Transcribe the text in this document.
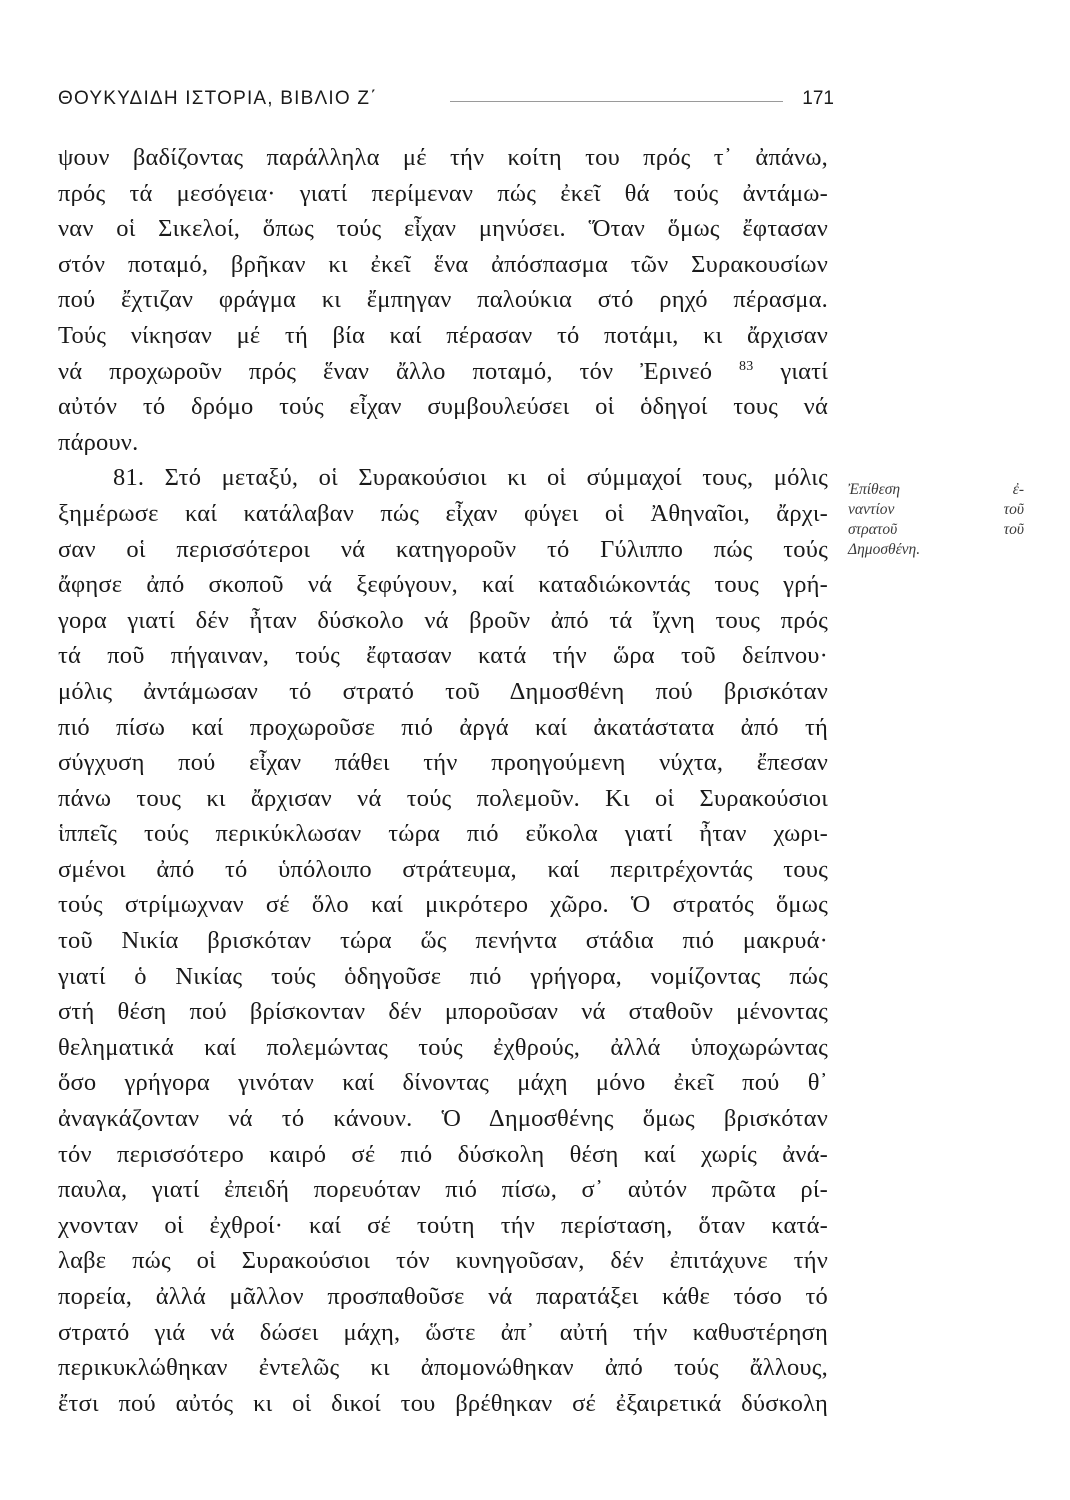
ΘΟΥΚΥΔΙΔΗ ΙΣΤΟΡΙΑ, ΒΙΒΛΙΟ Ζ΄	171
ψουν βαδίζοντας παράλληλα μέ τήν κοίτη του πρός τ᾽ ἀπάνω,
πρός τά μεσόγεια· γιατί περίμεναν πώς ἐκεῖ θά τούς ἀντάμω-
ναν οἱ Σικελοί, ὅπως τούς εἶχαν μηνύσει. Ὅταν ὅμως ἔφτασαν
στόν ποταμό, βρῆκαν κι ἐκεῖ ἕνα ἀπόσπασμα τῶν Συρακουσίων
πού ἔχτιζαν φράγμα κι ἔμπηγαν παλούκια στό ρηχό πέρασμα.
Τούς νίκησαν μέ τή βία καί πέρασαν τό ποτάμι, κι ἄρχισαν
νά προχωροῦν πρός ἕναν ἄλλο ποταμό, τόν Ἐρινεό $^{83}$ γιατί
αὐτόν τό δρόμο τούς εἶχαν συμβουλεύσει οἱ ὁδηγοί τους νά
πάρουν.
81. Στό μεταξύ, οἱ Συρακούσιοι κι οἱ σύμμαχοί τους, μόλις
ξημέρωσε καί κατάλαβαν πώς εἶχαν φύγει οἱ Ἀθηναῖοι, ἄρχι-
σαν οἱ περισσότεροι νά κατηγοροῦν τό Γύλιππο πώς τούς
ἄφησε ἀπό σκοποῦ νά ξεφύγουν, καί καταδιώκοντάς τους γρή-
γορα γιατί δέν ἦταν δύσκολο νά βροῦν ἀπό τά ἴχνη τους πρός
τά ποῦ πήγαιναν, τούς ἔφτασαν κατά τήν ὥρα τοῦ δείπνου·
μόλις ἀντάμωσαν τό στρατό τοῦ Δημοσθένη πού βρισκόταν
πιό πίσω καί προχωροῦσε πιό ἀργά καί ἀκατάστατα ἀπό τή
σύγχυση πού εἶχαν πάθει τήν προηγούμενη νύχτα, ἔπεσαν
πάνω τους κι ἄρχισαν νά τούς πολεμοῦν. Κι οἱ Συρακούσιοι
ἱππεῖς τούς περικύκλωσαν τώρα πιό εὔκολα γιατί ἦταν χωρι-
σμένοι ἀπό τό ὑπόλοιπο στράτευμα, καί περιτρέχοντάς τους
τούς στρίμωχναν σέ ὅλο καί μικρότερο χῶρο. Ὁ στρατός ὅμως
τοῦ Νικία βρισκόταν τώρα ὥς πενήντα στάδια πιό μακρυά·
γιατί ὁ Νικίας τούς ὁδηγοῦσε πιό γρήγορα, νομίζοντας πώς
στή θέση πού βρίσκονταν δέν μποροῦσαν νά σταθοῦν μένοντας
θεληματικά καί πολεμώντας τούς ἐχθρούς, ἀλλά ὑποχωρώντας
ὅσο γρήγορα γινόταν καί δίνοντας μάχη μόνο ἐκεῖ πού θ᾽
ἀναγκάζονταν νά τό κάνουν. Ὁ Δημοσθένης ὅμως βρισκόταν
τόν περισσότερο καιρό σέ πιό δύσκολη θέση καί χωρίς ἀνά-
παυλα, γιατί ἐπειδή πορευόταν πιό πίσω, σ᾽ αὐτόν πρῶτα ρί-
χνονταν οἱ ἐχθροί· καί σέ τούτη τήν περίσταση, ὅταν κατά-
λαβε πώς οἱ Συρακούσιοι τόν κυνηγοῦσαν, δέν ἐπιτάχυνε τήν
πορεία, ἀλλά μᾶλλον προσπαθοῦσε νά παρατάξει κάθε τόσο τό
στρατό γιά νά δώσει μάχη, ὥστε ἀπ᾽ αὐτή τήν καθυστέρηση
περικυκλώθηκαν ἐντελῶς κι ἀπομονώθηκαν ἀπό τούς ἄλλους,
ἔτσι πού αὐτός κι οἱ δικοί του βρέθηκαν σέ ἐξαιρετικά δύσκολη
Ἐπίθεση ἐ-
ναντίον τοῦ
στρατοῦ τοῦ
Δημοσθένη.
